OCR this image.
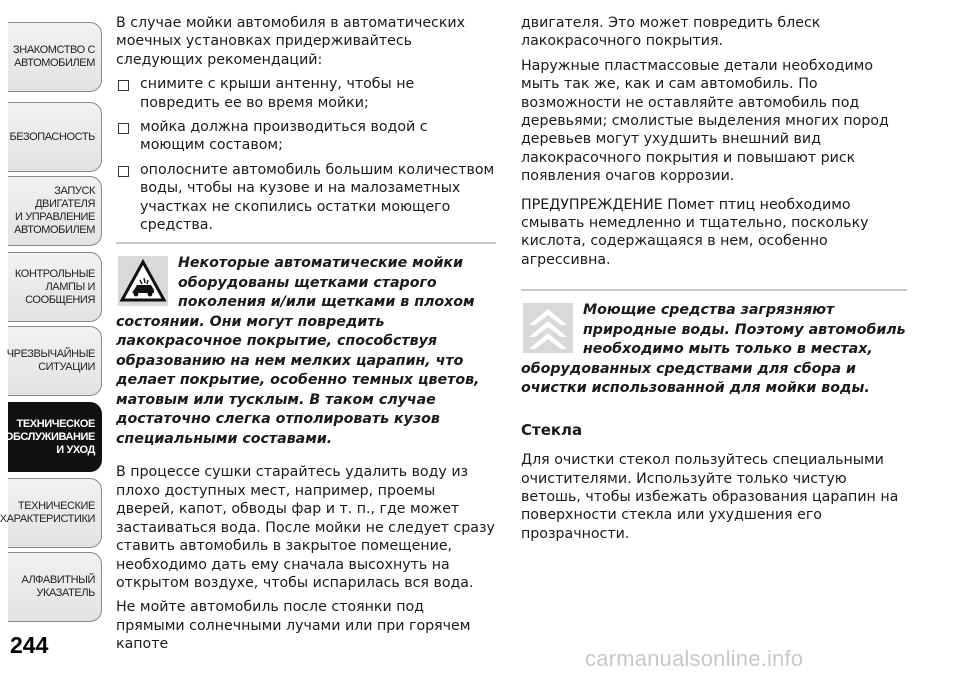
ЗНАКОМСТВО С
АВТОМОБИЛЕМ
БЕЗОПАСНОСТЬ
ЗАПУСК ДВИГАТЕЛЯ
И УПРАВЛЕНИЕ
АВТОМОБИЛЕМ
КОНТРОЛЬНЫЕ
ЛАМПЫ И
СООБЩЕНИЯ
ЧРЕЗВЫЧАЙНЫЕ
СИТУАЦИИ
ТЕХНИЧЕСКОЕ
ОБСЛУЖИВАНИЕ
И УХОД
ТЕХНИЧЕСКИЕ
ХАРАКТЕРИСТИКИ
АЛФАВИТНЫЙ
УКАЗАТЕЛЬ
244

В случае мойки автомобиля в автоматических моечных установках придерживайтесь следующих рекомендаций:

снимите с крыши антенну, чтобы не повредить ее во время мойки;
мойка должна производиться водой с моющим составом;
ополосните автомобиль большим количеством воды, чтобы на кузове и на малозаметных участках не скопились остатки моющего средства.
Некоторые автоматические мойки оборудованы щетками старого поколения и/или щетками в плохом состоянии. Они могут повредить лакокрасочное покрытие, способствуя образованию на нем мелких царапин, что делает покрытие, особенно темных цветов, матовым или тусклым. В таком случае достаточно слегка отполировать кузов специальными составами.

В процессе сушки старайтесь удалить воду из плохо доступных мест, например, проемы дверей, капот, обводы фар и т. п., где может застаиваться вода. После мойки не следует сразу ставить автомобиль в закрытое помещение, необходимо дать ему сначала высохнуть на открытом воздухе, чтобы испарилась вся вода.

Не мойте автомобиль после стоянки под прямыми солнечными лучами или при горячем капоте

двигателя. Это может повредить блеск лакокрасочного покрытия.

Наружные пластмассовые детали необходимо мыть так же, как и сам автомобиль. По возможности не оставляйте автомобиль под деревьями; смолистые выделения многих пород деревьев могут ухудшить внешний вид лакокрасочного покрытия и повышают риск появления очагов коррозии.

ПРЕДУПРЕЖДЕНИЕ Помет птиц необходимо смывать немедленно и тщательно, поскольку кислота, содержащаяся в нем, особенно агрессивна.

Моющие средства загрязняют природные воды. Поэтому автомобиль необходимо мыть только в местах, оборудованных средствами для сбора и очистки использованной для мойки воды.
Стекла

Для очистки стекол пользуйтесь специальными очистителями. Используйте только чистую ветошь, чтобы избежать образования царапин на поверхности стекла или ухудшения его прозрачности.

carmanualsonline.info
